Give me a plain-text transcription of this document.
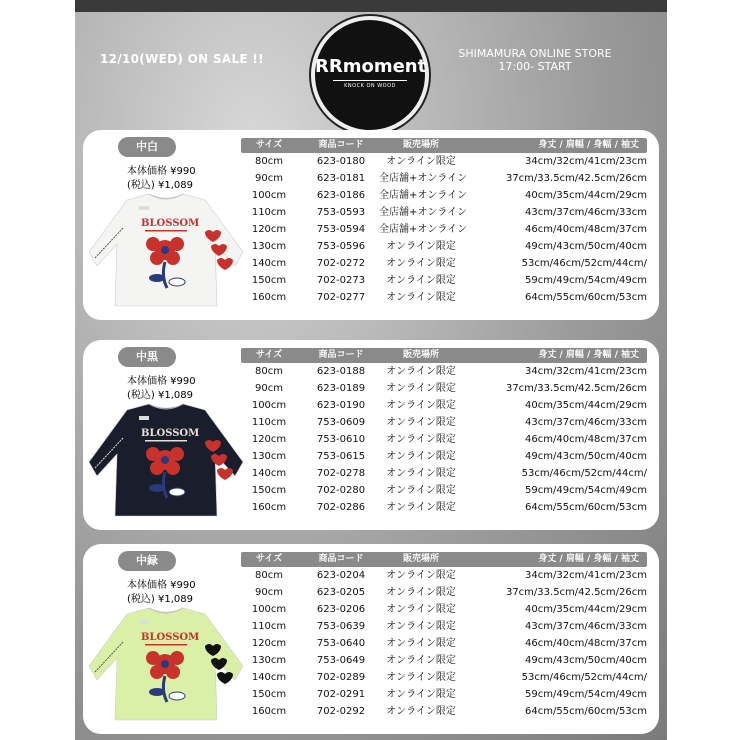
12/10(WED) ON SALE !!	RRmoment
KNOCK ON WOOD
SHIMAMURA ONLINE STORE
17:00- START
中白
本体価格 ¥990
(税込) ¥1,089
BLOSSOM
サイズ	商品コード	販売場所	身丈 / 肩幅 / 身幅 / 袖丈
80cm	623-0180	オンライン限定	34cm/32cm/41cm/23cm
90cm	623-0181	全店舗+オンライン	37cm/33.5cm/42.5cm/26cm
100cm	623-0186	全店舗+オンライン	40cm/35cm/44cm/29cm
110cm	753-0593	全店舗+オンライン	43cm/37cm/46cm/33cm
120cm	753-0594	全店舗+オンライン	46cm/40cm/48cm/37cm
130cm	753-0596	オンライン限定	49cm/43cm/50cm/40cm
140cm	702-0272	オンライン限定	53cm/46cm/52cm/44cm/
150cm	702-0273	オンライン限定	59cm/49cm/54cm/49cm
160cm	702-0277	オンライン限定	64cm/55cm/60cm/53cm
中黒
本体価格 ¥990
(税込) ¥1,089
BLOSSOM
サイズ	商品コード	販売場所	身丈 / 肩幅 / 身幅 / 袖丈
80cm	623-0188	オンライン限定	34cm/32cm/41cm/23cm
90cm	623-0189	オンライン限定	37cm/33.5cm/42.5cm/26cm
100cm	623-0190	オンライン限定	40cm/35cm/44cm/29cm
110cm	753-0609	オンライン限定	43cm/37cm/46cm/33cm
120cm	753-0610	オンライン限定	46cm/40cm/48cm/37cm
130cm	753-0615	オンライン限定	49cm/43cm/50cm/40cm
140cm	702-0278	オンライン限定	53cm/46cm/52cm/44cm/
150cm	702-0280	オンライン限定	59cm/49cm/54cm/49cm
160cm	702-0286	オンライン限定	64cm/55cm/60cm/53cm
中緑
本体価格 ¥990
(税込) ¥1,089
BLOSSOM
サイズ	商品コード	販売場所	身丈 / 肩幅 / 身幅 / 袖丈
80cm	623-0204	オンライン限定	34cm/32cm/41cm/23cm
90cm	623-0205	オンライン限定	37cm/33.5cm/42.5cm/26cm
100cm	623-0206	オンライン限定	40cm/35cm/44cm/29cm
110cm	753-0639	オンライン限定	43cm/37cm/46cm/33cm
120cm	753-0640	オンライン限定	46cm/40cm/48cm/37cm
130cm	753-0649	オンライン限定	49cm/43cm/50cm/40cm
140cm	702-0289	オンライン限定	53cm/46cm/52cm/44cm/
150cm	702-0291	オンライン限定	59cm/49cm/54cm/49cm
160cm	702-0292	オンライン限定	64cm/55cm/60cm/53cm
